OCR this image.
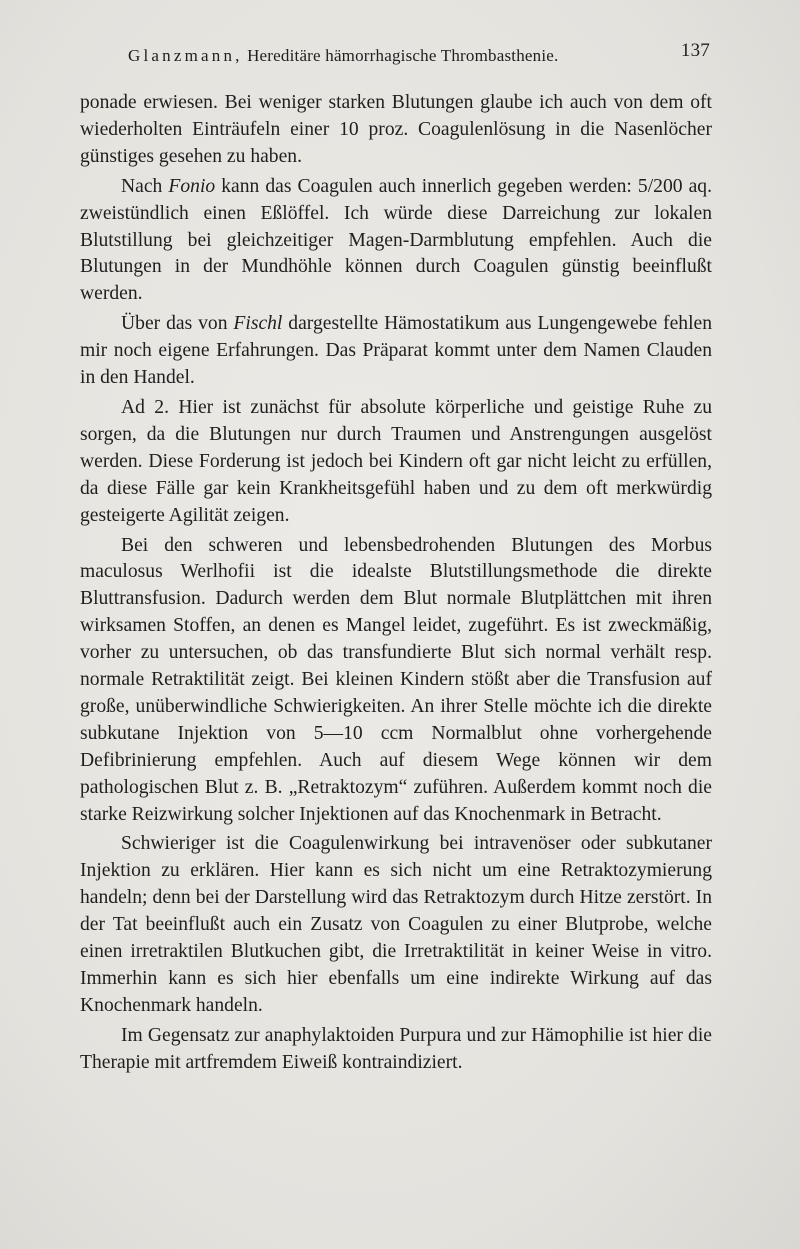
Glanzmann, Hereditäre hämorrhagische Thrombasthenie.	137

ponade erwiesen. Bei weniger starken Blutungen glaube ich auch von dem oft wiederholten Einträufeln einer 10 proz. Coagulenlösung in die Nasenlöcher günstiges gesehen zu haben.

Nach Fonio kann das Coagulen auch innerlich gegeben werden: 5/200 aq. zweistündlich einen Eßlöffel. Ich würde diese Darreichung zur lokalen Blutstillung bei gleichzeitiger Magen-Darmblutung empfehlen. Auch die Blutungen in der Mundhöhle können durch Coagulen günstig beeinflußt werden.

Über das von Fischl dargestellte Hämostatikum aus Lungengewebe fehlen mir noch eigene Erfahrungen. Das Präparat kommt unter dem Namen Clauden in den Handel.

Ad 2. Hier ist zunächst für absolute körperliche und geistige Ruhe zu sorgen, da die Blutungen nur durch Traumen und Anstrengungen ausgelöst werden. Diese Forderung ist jedoch bei Kindern oft gar nicht leicht zu erfüllen, da diese Fälle gar kein Krankheitsgefühl haben und zu dem oft merkwürdig gesteigerte Agilität zeigen.

Bei den schweren und lebensbedrohenden Blutungen des Morbus maculosus Werlhofii ist die idealste Blutstillungsmethode die direkte Bluttransfusion. Dadurch werden dem Blut normale Blutplättchen mit ihren wirksamen Stoffen, an denen es Mangel leidet, zugeführt. Es ist zweckmäßig, vorher zu untersuchen, ob das transfundierte Blut sich normal verhält resp. normale Retraktilität zeigt. Bei kleinen Kindern stößt aber die Transfusion auf große, unüberwindliche Schwierigkeiten. An ihrer Stelle möchte ich die direkte subkutane Injektion von 5—10 ccm Normalblut ohne vorhergehende Defibrinierung empfehlen. Auch auf diesem Wege können wir dem pathologischen Blut z. B. „Retraktozym“ zuführen. Außerdem kommt noch die starke Reizwirkung solcher Injektionen auf das Knochenmark in Betracht.

Schwieriger ist die Coagulenwirkung bei intravenöser oder subkutaner Injektion zu erklären. Hier kann es sich nicht um eine Retraktozymierung handeln; denn bei der Darstellung wird das Retraktozym durch Hitze zerstört. In der Tat beeinflußt auch ein Zusatz von Coagulen zu einer Blutprobe, welche einen irretraktilen Blutkuchen gibt, die Irretraktilität in keiner Weise in vitro. Immerhin kann es sich hier ebenfalls um eine indirekte Wirkung auf das Knochenmark handeln.

Im Gegensatz zur anaphylaktoiden Purpura und zur Hämophilie ist hier die Therapie mit artfremdem Eiweiß kontraindiziert.
